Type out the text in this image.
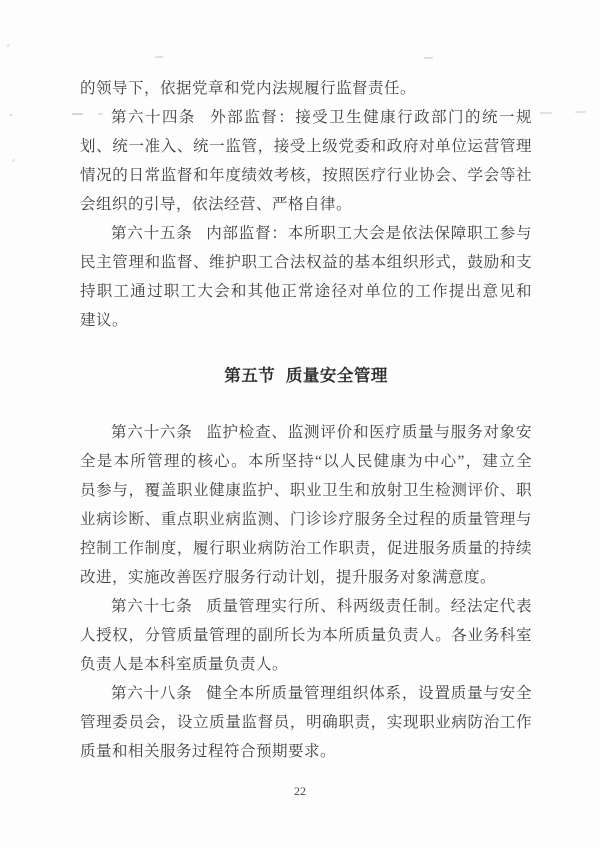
的领导下，依据党章和党内法规履行监督责任。
第六十四条 外部监督：接受卫生健康行政部门的统一规
划、统一准入、统一监管，接受上级党委和政府对单位运营管理
情况的日常监督和年度绩效考核，按照医疗行业协会、学会等社
会组织的引导，依法经营、严格自律。
第六十五条 内部监督：本所职工大会是依法保障职工参与
民主管理和监督、维护职工合法权益的基本组织形式，鼓励和支
持职工通过职工大会和其他正常途径对单位的工作提出意见和
建议。
第五节 质量安全管理
第六十六条 监护检查、监测评价和医疗质量与服务对象安
全是本所管理的核心。本所坚持“以人民健康为中心”，建立全
员参与，覆盖职业健康监护、职业卫生和放射卫生检测评价、职
业病诊断、重点职业病监测、门诊诊疗服务全过程的质量管理与
控制工作制度，履行职业病防治工作职责，促进服务质量的持续
改进，实施改善医疗服务行动计划，提升服务对象满意度。
第六十七条 质量管理实行所、科两级责任制。经法定代表
人授权，分管质量管理的副所长为本所质量负责人。各业务科室
负责人是本科室质量负责人。
第六十八条 健全本所质量管理组织体系，设置质量与安全
管理委员会，设立质量监督员，明确职责，实现职业病防治工作
质量和相关服务过程符合预期要求。
22
